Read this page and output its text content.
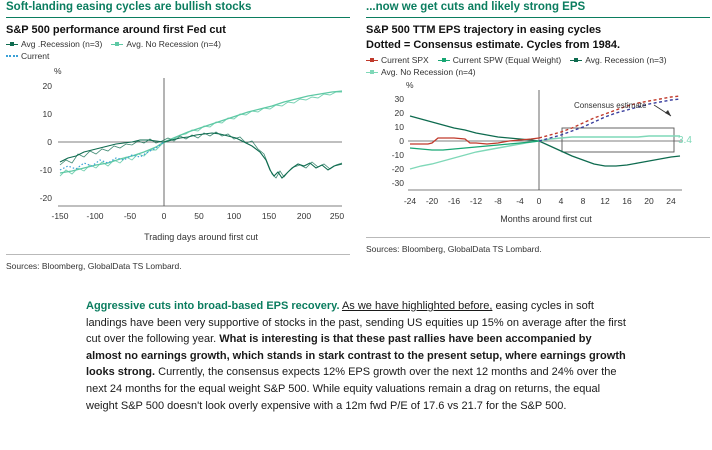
Soft-landing easing cycles are bullish stocks
S&P 500 performance around first Fed cut
Avg .Recession (n=3)	Avg. No Recession (n=4)
Current
20
10
0
-10
-20
%
-150 -100 -50	0	50	100 150 200 250

Trading days around first cut
Sources: Bloomberg, GlobalData TS Lombard.
...now we get cuts and likely strong EPS
S&P 500 TTM EPS trajectory in easing cycles
Dotted = Consensus estimate. Cycles from 1984.
Current SPX	Current SPW (Equal Weight)	Avg. Recession (n=3)
Avg. No Recession (n=4)
%
30
20
10
0
-10
-20
-30
3.4
Consensus estimate
-24 -20 -16 -12 -8 -4 0 4 8 12 16 20 24
Months around first cut
Sources: Bloomberg, GlobalData TS Lombard.
Aggressive cuts into broad-based EPS recovery. As we have highlighted before, easing cycles in soft landings have been very supportive of stocks in the past, sending US equities up 15% on average after the first cut over the following year. What is interesting is that these past rallies have been accompanied by almost no earnings growth, which stands in stark contrast to the present setup, where earnings growth looks strong. Currently, the consensus expects 12% EPS growth over the next 12 months and 24% over the next 24 months for the equal weight S&P 500. While equity valuations remain a drag on returns, the equal weight S&P 500 doesn't look overly expensive with a 12m fwd P/E of 17.6 vs 21.7 for the S&P 500.
